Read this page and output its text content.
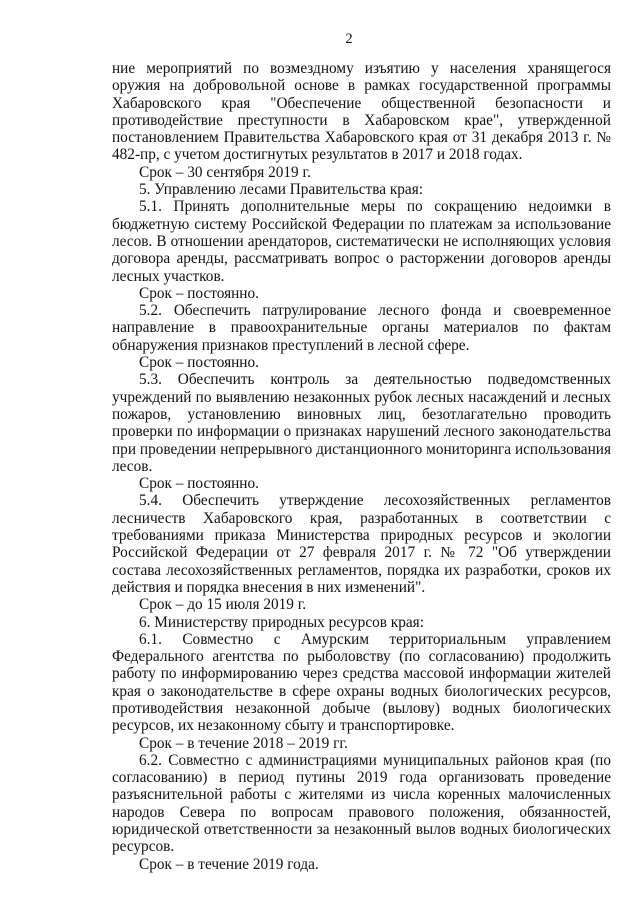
2

ние мероприятий по возмездному изъятию у населения хранящегося оружия на добровольной основе в рамках государственной программы Хабаровского края "Обеспечение общественной безопасности и противодействие преступности в Хабаровском крае", утвержденной постановлением Правительства Хабаровского края от 31 декабря 2013 г. № 482-пр, с учетом достигнутых результатов в 2017 и 2018 годах.

Срок – 30 сентября 2019 г.

5. Управлению лесами Правительства края:

5.1. Принять дополнительные меры по сокращению недоимки в бюджетную систему Российской Федерации по платежам за использование лесов. В отношении арендаторов, систематически не исполняющих условия договора аренды, рассматривать вопрос о расторжении договоров аренды лесных участков.

Срок – постоянно.

5.2. Обеспечить патрулирование лесного фонда и своевременное направление в правоохранительные органы материалов по фактам обнаружения признаков преступлений в лесной сфере.

Срок – постоянно.

5.3. Обеспечить контроль за деятельностью подведомственных учреждений по выявлению незаконных рубок лесных насаждений и лесных пожаров, установлению виновных лиц, безотлагательно проводить проверки по информации о признаках нарушений лесного законодательства при проведении непрерывного дистанционного мониторинга использования лесов.

Срок – постоянно.

5.4. Обеспечить утверждение лесохозяйственных регламентов лесничеств Хабаровского края, разработанных в соответствии с требованиями приказа Министерства природных ресурсов и экологии Российской Федерации от 27 февраля 2017 г. № 72 "Об утверждении состава лесохозяйственных регламентов, порядка их разработки, сроков их действия и порядка внесения в них изменений".

Срок – до 15 июля 2019 г.

6. Министерству природных ресурсов края:

6.1. Совместно с Амурским территориальным управлением Федерального агентства по рыболовству (по согласованию) продолжить работу по информированию через средства массовой информации жителей края о законодательстве в сфере охраны водных биологических ресурсов, противодействия незаконной добыче (вылову) водных биологических ресурсов, их незаконному сбыту и транспортировке.

Срок – в течение 2018 – 2019 гг.

6.2. Совместно с администрациями муниципальных районов края (по согласованию) в период путины 2019 года организовать проведение разъяснительной работы с жителями из числа коренных малочисленных народов Севера по вопросам правового положения, обязанностей, юридической ответственности за незаконный вылов водных биологических ресурсов.

Срок – в течение 2019 года.
